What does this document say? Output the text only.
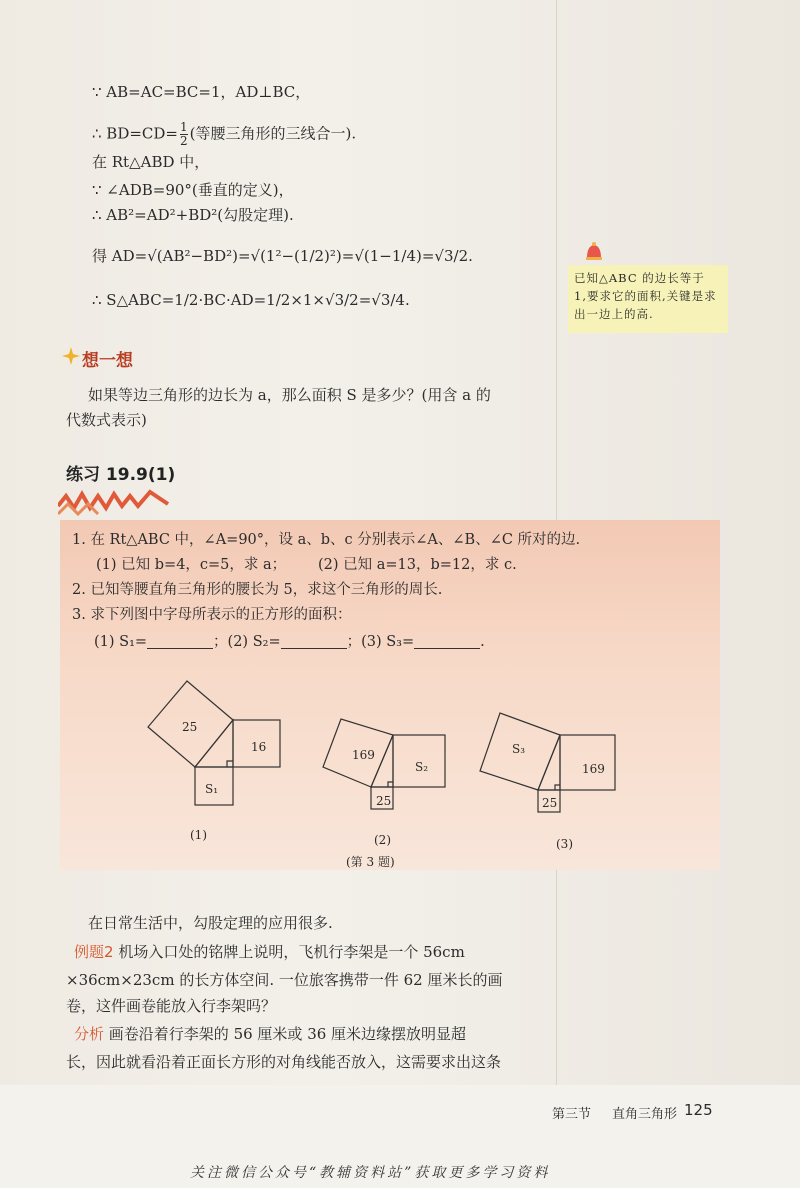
∵ AB=AC=BC=1，AD⊥BC，
∴ $BD=CD= \frac{1}{2}$ (等腰三角形的三线合一).
在 Rt△ABD 中，
∵ ∠ADB=90°(垂直的定义)，
∴ AB²=AD²+BD²(勾股定理).
得 AD=√(AB²−BD²)=√(1²−(1/2)²)=√(1−1/4)=√3/2.
∴ S△ABC=1/2·BC·AD=1/2×1×√3/2=√3/4.
已知△ABC 的边长等于 1,要求它的面积,关键是求出一边上的高.
想一想
如果等边三角形的边长为 a，那么面积 S 是多少？(用含 a 的
代数式表示)
练习 19.9(1)
1. 在 Rt△ABC 中，∠A=90°，设 a、b、c 分别表示∠A、∠B、∠C 所对的边.
(1) 已知 b=4，c=5，求 a； (2) 已知 a=13，b=12，求 c.
2. 已知等腰直角三角形的腰长为 5，求这个三角形的周长.
3. 求下列图中字母所表示的正方形的面积：
(1) S₁=	；(2) S₂=	；(3) S₃=	.
25
16
S₁
(1)
169
S₂
25
(2)
S₃
169
25
(3)
(第 3 题)
在日常生活中，勾股定理的应用很多.
例题2 机场入口处的铭牌上说明，飞机行李架是一个 56cm
×36cm×23cm 的长方体空间. 一位旅客携带一件 62 厘米长的画
卷，这件画卷能放入行李架吗？
分析 画卷沿着行李架的 56 厘米或 36 厘米边缘摆放明显超
长，因此就看沿着正面长方形的对角线能否放入，这需要求出这条
第三节 直角三角形 125
关注微信公众号“教辅资料站”获取更多学习资料
